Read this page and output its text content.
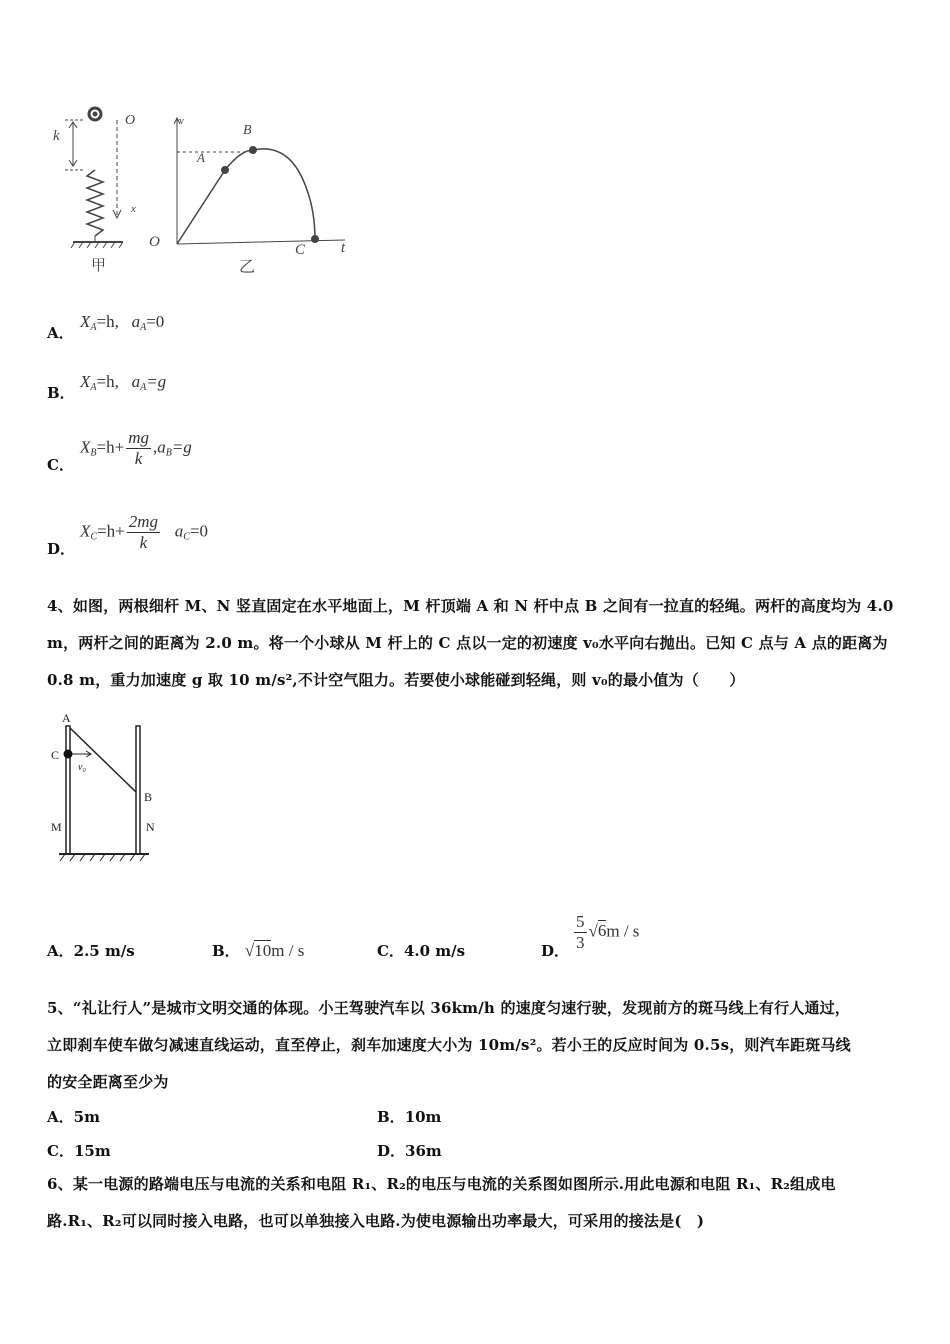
k
O
x
甲
v
O
A
B
C t
乙
A．
$X_A=h$, $a_A=0$
B．
$X_A=h$, $a_A=g$
C．
$X_B=h+ \frac{mg}{k} ,a_B=g$
D．
$X_C=h+ \frac{2mg}{k} a_C=0$
4、如图，两根细杆 M、N 竖直固定在水平地面上，M 杆顶端 A 和 N 杆中点 B 之间有一拉直的轻绳。两杆的高度均为 4.0
m，两杆之间的距离为 2.0 m。将一个小球从 M 杆上的 C 点以一定的初速度 v₀水平向右抛出。已知 C 点与 A 点的距离为
0.8 m，重力加速度 g 取 10 m/s²,不计空气阻力。若要使小球能碰到轻绳，则 v₀的最小值为（　　）
A
C
v₀
B
M	N
A．2.5 m/s	B． √10m / s	C．4.0 m/s	D． $\frac{5}{3} √6m$ / s
5、“礼让行人”是城市文明交通的体现。小王驾驶汽车以 36km/h 的速度匀速行驶，发现前方的斑马线上有行人通过，
立即刹车使车做匀减速直线运动，直至停止，刹车加速度大小为 10m/s²。若小王的反应时间为 0.5s，则汽车距斑马线
的安全距离至少为
A．5m	B．10m
C．15m	D．36m
6、某一电源的路端电压与电流的关系和电阻 R₁、R₂的电压与电流的关系图如图所示.用此电源和电阻 R₁、R₂组成电
路.R₁、R₂可以同时接入电路，也可以单独接入电路.为使电源输出功率最大，可采用的接法是(　)
